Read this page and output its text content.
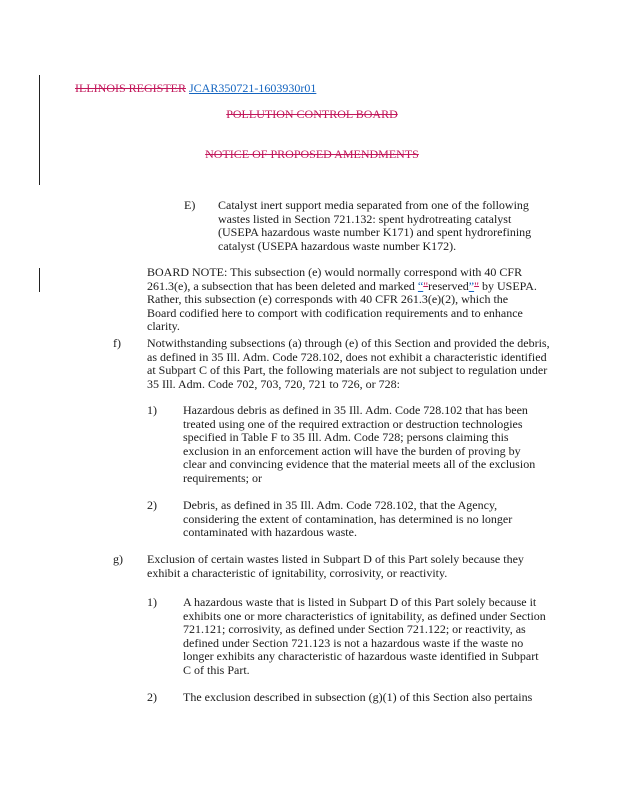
ILLINOIS REGISTER JCAR350721-1603930r01
POLLUTION CONTROL BOARD
NOTICE OF PROPOSED AMENDMENTS
E) Catalyst inert support media separated from one of the following wastes listed in Section 721.132: spent hydrotreating catalyst (USEPA hazardous waste number K171) and spent hydrorefining catalyst (USEPA hazardous waste number K172).

BOARD NOTE: This subsection (e) would normally correspond with 40 CFR 261.3(e), a subsection that has been deleted and marked “"reserved”" by USEPA. Rather, this subsection (e) corresponds with 40 CFR 261.3(e)(2), which the Board codified here to comport with codification requirements and to enhance clarity.

f) Notwithstanding subsections (a) through (e) of this Section and provided the debris, as defined in 35 Ill. Adm. Code 728.102, does not exhibit a characteristic identified at Subpart C of this Part, the following materials are not subject to regulation under 35 Ill. Adm. Code 702, 703, 720, 721 to 726, or 728:

1) Hazardous debris as defined in 35 Ill. Adm. Code 728.102 that has been treated using one of the required extraction or destruction technologies specified in Table F to 35 Ill. Adm. Code 728; persons claiming this exclusion in an enforcement action will have the burden of proving by clear and convincing evidence that the material meets all of the exclusion requirements; or

2) Debris, as defined in 35 Ill. Adm. Code 728.102, that the Agency, considering the extent of contamination, has determined is no longer contaminated with hazardous waste.

g) Exclusion of certain wastes listed in Subpart D of this Part solely because they exhibit a characteristic of ignitability, corrosivity, or reactivity.

1) A hazardous waste that is listed in Subpart D of this Part solely because it exhibits one or more characteristics of ignitability, as defined under Section 721.121; corrosivity, as defined under Section 721.122; or reactivity, as defined under Section 721.123 is not a hazardous waste if the waste no longer exhibits any characteristic of hazardous waste identified in Subpart C of this Part.

2) The exclusion described in subsection (g)(1) of this Section also pertains
